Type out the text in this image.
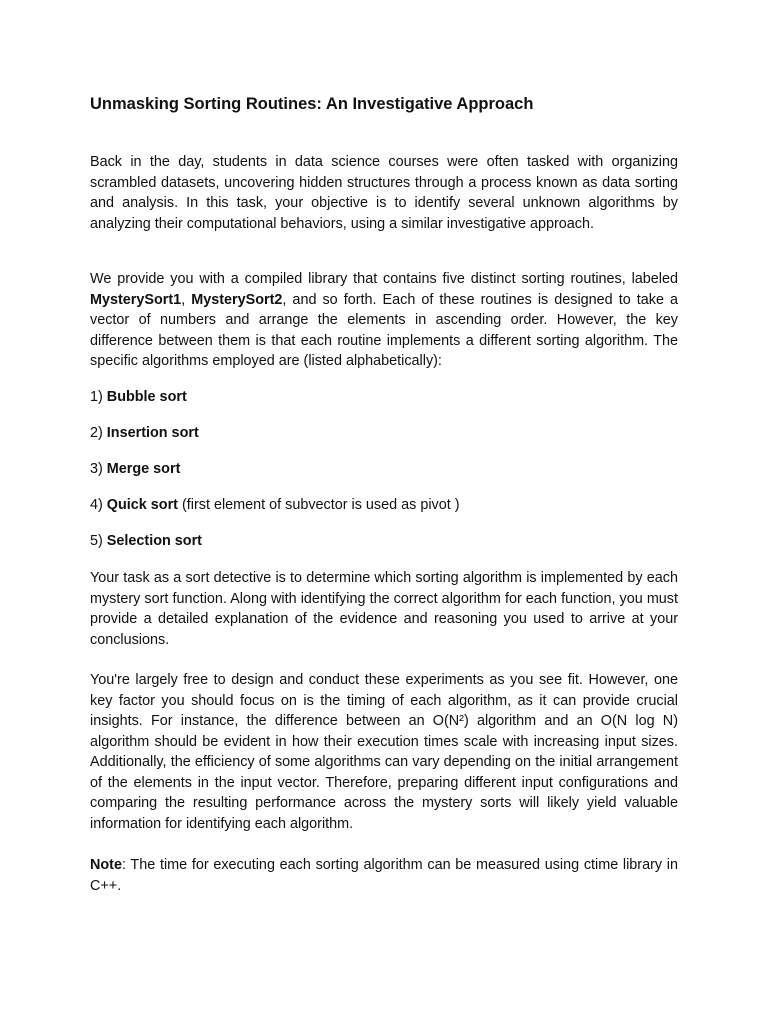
Unmasking Sorting Routines: An Investigative Approach

Back in the day, students in data science courses were often tasked with organizing scrambled datasets, uncovering hidden structures through a process known as data sorting and analysis. In this task, your objective is to identify several unknown algorithms by analyzing their computational behaviors, using a similar investigative approach.

We provide you with a compiled library that contains five distinct sorting routines, labeled MysterySort1, MysterySort2, and so forth. Each of these routines is designed to take a vector of numbers and arrange the elements in ascending order. However, the key difference between them is that each routine implements a different sorting algorithm. The specific algorithms employed are (listed alphabetically):

1) Bubble sort

2) Insertion sort

3) Merge sort

4) Quick sort (first element of subvector is used as pivot )

5) Selection sort

Your task as a sort detective is to determine which sorting algorithm is implemented by each mystery sort function. Along with identifying the correct algorithm for each function, you must provide a detailed explanation of the evidence and reasoning you used to arrive at your conclusions.

You're largely free to design and conduct these experiments as you see fit. However, one key factor you should focus on is the timing of each algorithm, as it can provide crucial insights. For instance, the difference between an O(N²) algorithm and an O(N log N) algorithm should be evident in how their execution times scale with increasing input sizes. Additionally, the efficiency of some algorithms can vary depending on the initial arrangement of the elements in the input vector. Therefore, preparing different input configurations and comparing the resulting performance across the mystery sorts will likely yield valuable information for identifying each algorithm.

Note: The time for executing each sorting algorithm can be measured using ctime library in C++.
